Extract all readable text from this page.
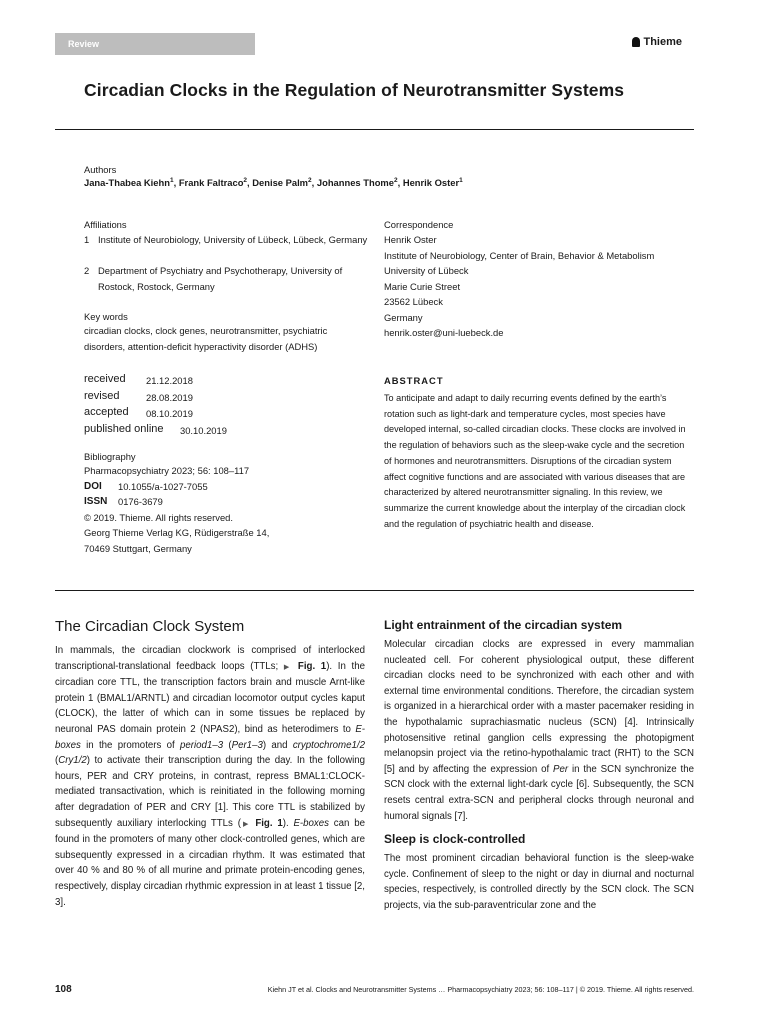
Review	Thieme
Circadian Clocks in the Regulation of Neurotransmitter Systems
Authors
Jana-Thabea Kiehn$^1$, Frank Faltraco$^2$, Denise Palm$^2$, Johannes Thome$^2$, Henrik Oster$^1$
Affiliations
1 Institute of Neurobiology, University of Lübeck, Lübeck, Germany
2 Department of Psychiatry and Psychotherapy, University of Rostock, Rostock, Germany
Key words
circadian clocks, clock genes, neurotransmitter, psychiatric disorders, attention-deficit hyperactivity disorder (ADHS)
received	21.12.2018
revised	28.08.2019
accepted	08.10.2019
published online	30.10.2019
Bibliography
Pharmacopsychiatry 2023; 56: 108–117
DOI	10.1055/a-1027-7055
ISSN	0176-3679
© 2019. Thieme. All rights reserved.
Georg Thieme Verlag KG, Rüdigerstraße 14,
70469 Stuttgart, Germany
Correspondence
Henrik Oster
Institute of Neurobiology, Center of Brain, Behavior & Metabolism
University of Lübeck
Marie Curie Street
23562 Lübeck
Germany
henrik.oster@uni-luebeck.de
ABSTRACT
To anticipate and adapt to daily recurring events defined by the earth’s rotation such as light-dark and temperature cycles, most species have developed internal, so-called circadian clocks. These clocks are involved in the regulation of behaviors such as the sleep-wake cycle and the secretion of hormones and neurotransmitters. Disruptions of the circadian system affect cognitive functions and are associated with various diseases that are characterized by altered neurotransmitter signaling. In this review, we summarize the current knowledge about the interplay of the circadian clock and the regulation of psychiatric health and disease.
The Circadian Clock System

In mammals, the circadian clockwork is comprised of interlocked transcriptional-translational feedback loops (TTLs; ▶ Fig. 1). In the circadian core TTL, the transcription factors brain and muscle Arnt-like protein 1 (BMAL1/ARNTL) and circadian locomotor output cycles kaput (CLOCK), the latter of which can in some tissues be replaced by neuronal PAS domain protein 2 (NPAS2), bind as heterodimers to E-boxes in the promoters of period1–3 (Per1–3) and cryptochrome1/2 (Cry1/2) to activate their transcription during the day. In the following hours, PER and CRY proteins, in contrast, repress BMAL1:CLOCK-mediated transactivation, which is reinitiated in the following morning after degradation of PER and CRY [1]. This core TTL is stabilized by subsequently auxiliary interlocking TTLs (▶ Fig. 1). E-boxes can be found in the promoters of many other clock-controlled genes, which are subsequently expressed in a circadian rhythm. It was estimated that over 40 % and 80 % of all murine and primate protein-encoding genes, respectively, display circadian rhythmic expression in at least 1 tissue [2, 3].

Light entrainment of the circadian system

Molecular circadian clocks are expressed in every mammalian nucleated cell. For coherent physiological output, these different circadian clocks need to be synchronized with each other and with external time environmental conditions. Therefore, the circadian system is organized in a hierarchical order with a master pacemaker residing in the hypothalamic suprachiasmatic nucleus (SCN) [4]. Intrinsically photosensitive retinal ganglion cells expressing the photopigment melanopsin project via the retino-hypothalamic tract (RHT) to the SCN [5] and by affecting the expression of Per in the SCN synchronize the SCN clock with the external light-dark cycle [6]. Subsequently, the SCN resets central extra-SCN and peripheral clocks through neuronal and humoral signals [7].

Sleep is clock-controlled

The most prominent circadian behavioral function is the sleep-wake cycle. Confinement of sleep to the night or day in diurnal and nocturnal species, respectively, is controlled directly by the SCN clock. The SCN projects, via the sub-paraventricular zone and the

108	Kiehn JT et al. Clocks and Neurotransmitter Systems … Pharmacopsychiatry 2023; 56: 108–117 | © 2019. Thieme. All rights reserved.
